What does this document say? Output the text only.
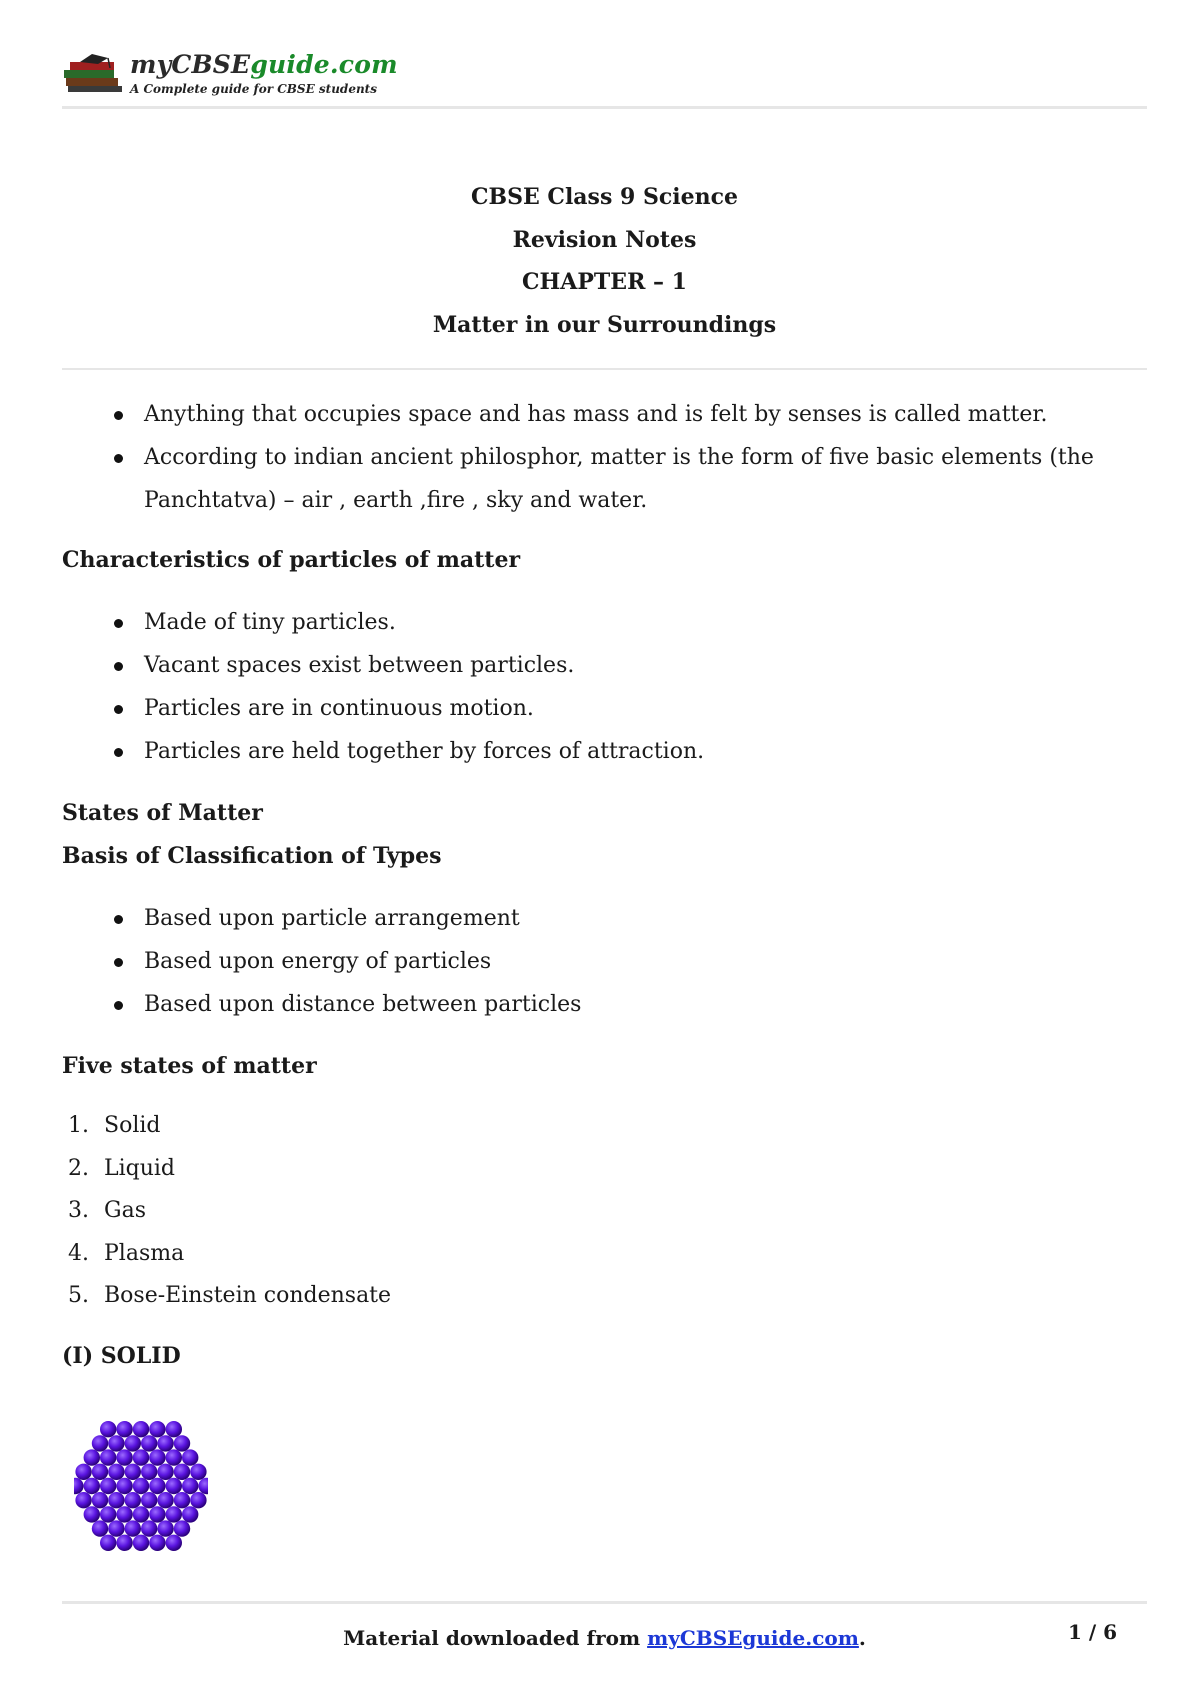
myCBSEguide.com
A Complete guide for CBSE students
CBSE Class 9 Science
Revision Notes
CHAPTER – 1
Matter in our Surroundings
Anything that occupies space and has mass and is felt by senses is called matter.
According to indian ancient philosphor, matter is the form of five basic elements (the Panchtatva) – air , earth ,fire , sky and water.
Characteristics of particles of matter
Made of tiny particles.
Vacant spaces exist between particles.
Particles are in continuous motion.
Particles are held together by forces of attraction.
States of Matter
Basis of Classification of Types
Based upon particle arrangement
Based upon energy of particles
Based upon distance between particles
Five states of matter
1. Solid
2. Liquid
3. Gas
4. Plasma
5. Bose-Einstein condensate
(I) SOLID
Material downloaded from myCBSEguide.com.	1 / 6
